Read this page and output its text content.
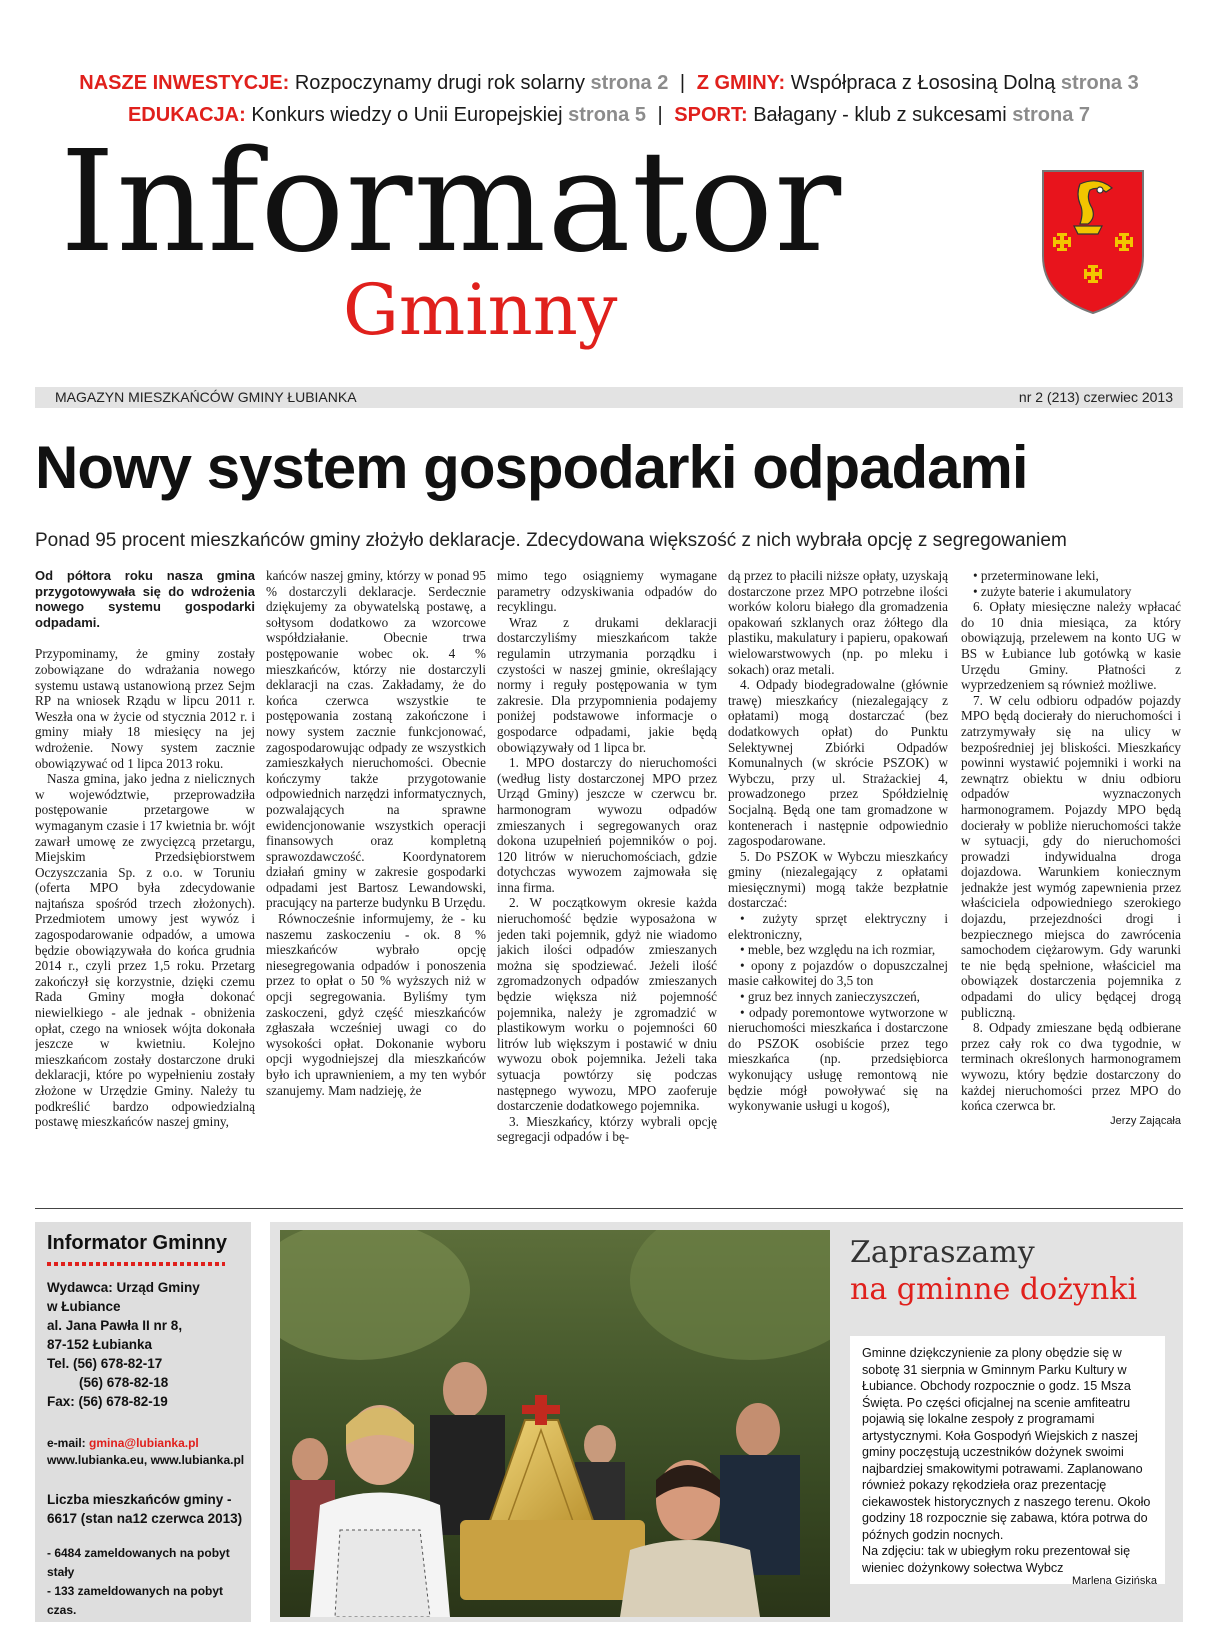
NASZE INWESTYCJE: Rozpoczynamy drugi rok solarny strona 2 | Z GMINY: Współpraca z Łososiną Dolną strona 3
EDUKACJA: Konkurs wiedzy o Unii Europejskiej strona 5 | SPORT: Bałagany - klub z sukcesami strona 7
Informator
Gminny
MAGAZYN MIESZKAŃCÓW GMINY ŁUBIANKA	nr 2 (213) czerwiec 2013
Nowy system gospodarki odpadami
Ponad 95 procent mieszkańców gminy złożyło deklaracje. Zdecydowana większość z nich wybrała opcję z segregowaniem

Od półtora roku nasza gmina przygotowywała się do wdrożenia nowego systemu gospodarki odpadami.

Przypominamy, że gminy zostały zobowiązane do wdrażania nowego systemu ustawą ustanowioną przez Sejm RP na wniosek Rządu w lipcu 2011 r. Weszła ona w życie od stycznia 2012 r. i gminy miały 18 miesięcy na jej wdrożenie. Nowy system zacznie obowiązywać od 1 lipca 2013 roku.

Nasza gmina, jako jedna z nielicznych w województwie, przeprowadziła postępowanie przetargowe w wymaganym czasie i 17 kwietnia br. wójt zawarł umowę ze zwycięzcą przetargu, Miejskim Przedsiębiorstwem Oczyszczania Sp. z o.o. w Toruniu (oferta MPO była zdecydowanie najtańsza spośród trzech złożonych). Przedmiotem umowy jest wywóz i zagospodarowanie odpadów, a umowa będzie obowiązywała do końca grudnia 2014 r., czyli przez 1,5 roku. Przetarg zakończył się korzystnie, dzięki czemu Rada Gminy mogła dokonać niewielkiego - ale jednak - obniżenia opłat, czego na wniosek wójta dokonała jeszcze w kwietniu. Kolejno mieszkańcom zostały dostarczone druki deklaracji, które po wypełnieniu zostały złożone w Urzędzie Gminy. Należy tu podkreślić bardzo odpowiedzialną postawę mieszkańców naszej gminy,

kańców naszej gminy, którzy w ponad 95 % dostarczyli deklaracje. Serdecznie dziękujemy za obywatelską postawę, a sołtysom dodatkowo za wzorcowe współdziałanie. Obecnie trwa postępowanie wobec ok. 4 % mieszkańców, którzy nie dostarczyli deklaracji na czas. Zakładamy, że do końca czerwca wszystkie te postępowania zostaną zakończone i nowy system zacznie funkcjonować, zagospodarowując odpady ze wszystkich zamieszkałych nieruchomości. Obecnie kończymy także przygotowanie odpowiednich narzędzi informatycznych, pozwalających na sprawne ewidencjonowanie wszystkich operacji finansowych oraz kompletną sprawozdawczość. Koordynatorem działań gminy w zakresie gospodarki odpadami jest Bartosz Lewandowski, pracujący na parterze budynku B Urzędu.

Równocześnie informujemy, że - ku naszemu zaskoczeniu - ok. 8 % mieszkańców wybrało opcję niesegregowania odpadów i ponoszenia przez to opłat o 50 % wyższych niż w opcji segregowania. Byliśmy tym zaskoczeni, gdyż część mieszkańców zgłaszała wcześniej uwagi co do wysokości opłat. Dokonanie wyboru opcji wygodniejszej dla mieszkańców było ich uprawnieniem, a my ten wybór szanujemy. Mam nadzieję, że

mimo tego osiągniemy wymagane parametry odzyskiwania odpadów do recyklingu.

Wraz z drukami deklaracji dostarczyliśmy mieszkańcom także regulamin utrzymania porządku i czystości w naszej gminie, określający normy i reguły postępowania w tym zakresie. Dla przypomnienia podajemy poniżej podstawowe informacje o gospodarce odpadami, jakie będą obowiązywały od 1 lipca br.

1. MPO dostarczy do nieruchomości (według listy dostarczonej MPO przez Urząd Gminy) jeszcze w czerwcu br. harmonogram wywozu odpadów zmieszanych i segregowanych oraz dokona uzupełnień pojemników o poj. 120 litrów w nieruchomościach, gdzie dotychczas wywozem zajmowała się inna firma.

2. W początkowym okresie każda nieruchomość będzie wyposażona w jeden taki pojemnik, gdyż nie wiadomo jakich ilości odpadów zmieszanych można się spodziewać. Jeżeli ilość zgromadzonych odpadów zmieszanych będzie większa niż pojemność pojemnika, należy je zgromadzić w plastikowym worku o pojemności 60 litrów lub większym i postawić w dniu wywozu obok pojemnika. Jeżeli taka sytuacja powtórzy się podczas następnego wywozu, MPO zaoferuje dostarczenie dodatkowego pojemnika.

3. Mieszkańcy, którzy wybrali opcję segregacji odpadów i bę-

dą przez to płacili niższe opłaty, uzyskają dostarczone przez MPO potrzebne ilości worków koloru białego dla gromadzenia opakowań szklanych oraz żółtego dla plastiku, makulatury i papieru, opakowań wielowarstwowych (np. po mleku i sokach) oraz metali.

4. Odpady biodegradowalne (głównie trawę) mieszkańcy (niezalegający z opłatami) mogą dostarczać (bez dodatkowych opłat) do Punktu Selektywnej Zbiórki Odpadów Komunalnych (w skrócie PSZOK) w Wybczu, przy ul. Strażackiej 4, prowadzonego przez Spółdzielnię Socjalną. Będą one tam gromadzone w kontenerach i następnie odpowiednio zagospodarowane.

5. Do PSZOK w Wybczu mieszkańcy gminy (niezalegający z opłatami miesięcznymi) mogą także bezpłatnie dostarczać:

• zużyty sprzęt elektryczny i elektroniczny,

• meble, bez względu na ich rozmiar,

• opony z pojazdów o dopuszczalnej masie całkowitej do 3,5 ton

• gruz bez innych zanieczyszczeń,

• odpady poremontowe wytworzone w nieruchomości mieszkańca i dostarczone do PSZOK osobiście przez tego mieszkańca (np. przedsiębiorca wykonujący usługę remontową nie będzie mógł powoływać się na wykonywanie usługi u kogoś),

• przeterminowane leki,

• zużyte baterie i akumulatory

6. Opłaty miesięczne należy wpłacać do 10 dnia miesiąca, za który obowiązują, przelewem na konto UG w BS w Łubiance lub gotówką w kasie Urzędu Gminy. Płatności z wyprzedzeniem są również możliwe.

7. W celu odbioru odpadów pojazdy MPO będą docierały do nieruchomości i zatrzymywały się na ulicy w bezpośredniej jej bliskości. Mieszkańcy powinni wystawić pojemniki i worki na zewnątrz obiektu w dniu odbioru odpadów wyznaczonych harmonogramem. Pojazdy MPO będą docierały w pobliże nieruchomości także w sytuacji, gdy do nieruchomości prowadzi indywidualna droga dojazdowa. Warunkiem koniecznym jednakże jest wymóg zapewnienia przez właściciela odpowiedniego szerokiego dojazdu, przejezdności drogi i bezpiecznego miejsca do zawrócenia samochodem ciężarowym. Gdy warunki te nie będą spełnione, właściciel ma obowiązek dostarczenia pojemnika z odpadami do ulicy będącej drogą publiczną.

8. Odpady zmieszane będą odbierane przez cały rok co dwa tygodnie, w terminach określonych harmonogramem wywozu, który będzie dostarczony do każdej nieruchomości przez MPO do końca czerwca br.

Jerzy Zającała

Informator Gminny
Wydawca: Urząd Gminy
w Łubiance
al. Jana Pawła II nr 8,
87-152 Łubianka
Tel. (56) 678-82-17
(56) 678-82-18
Fax: (56) 678-82-19
e-mail: gmina@lubianka.pl
www.lubianka.eu, www.lubianka.pl
Liczba mieszkańców gminy -
6617 (stan na12 czerwca 2013)
- 6484 zameldowanych na pobyt stały
- 133 zameldowanych na pobyt czas.
Zapraszamy
na gminne dożynki
Gminne dziękczynienie za plony obędzie się w sobotę 31 sierpnia w Gminnym Parku Kultury w Łubiance. Obchody rozpocznie o godz. 15 Msza Święta. Po części oficjalnej na scenie amfiteatru pojawią się lokalne zespoły z programami artystycznymi. Koła Gospodyń Wiejskich z naszej gminy poczęstują uczestników dożynek swoimi najbardziej smakowitymi potrawami. Zaplanowano również pokazy rękodzieła oraz prezentację ciekawostek historycznych z naszego terenu. Około godziny 18 rozpocznie się zabawa, która potrwa do późnych godzin nocnych.
Na zdjęciu: tak w ubiegłym roku prezentował się wieniec dożynkowy sołectwa Wybcz
Marlena Gizińska
